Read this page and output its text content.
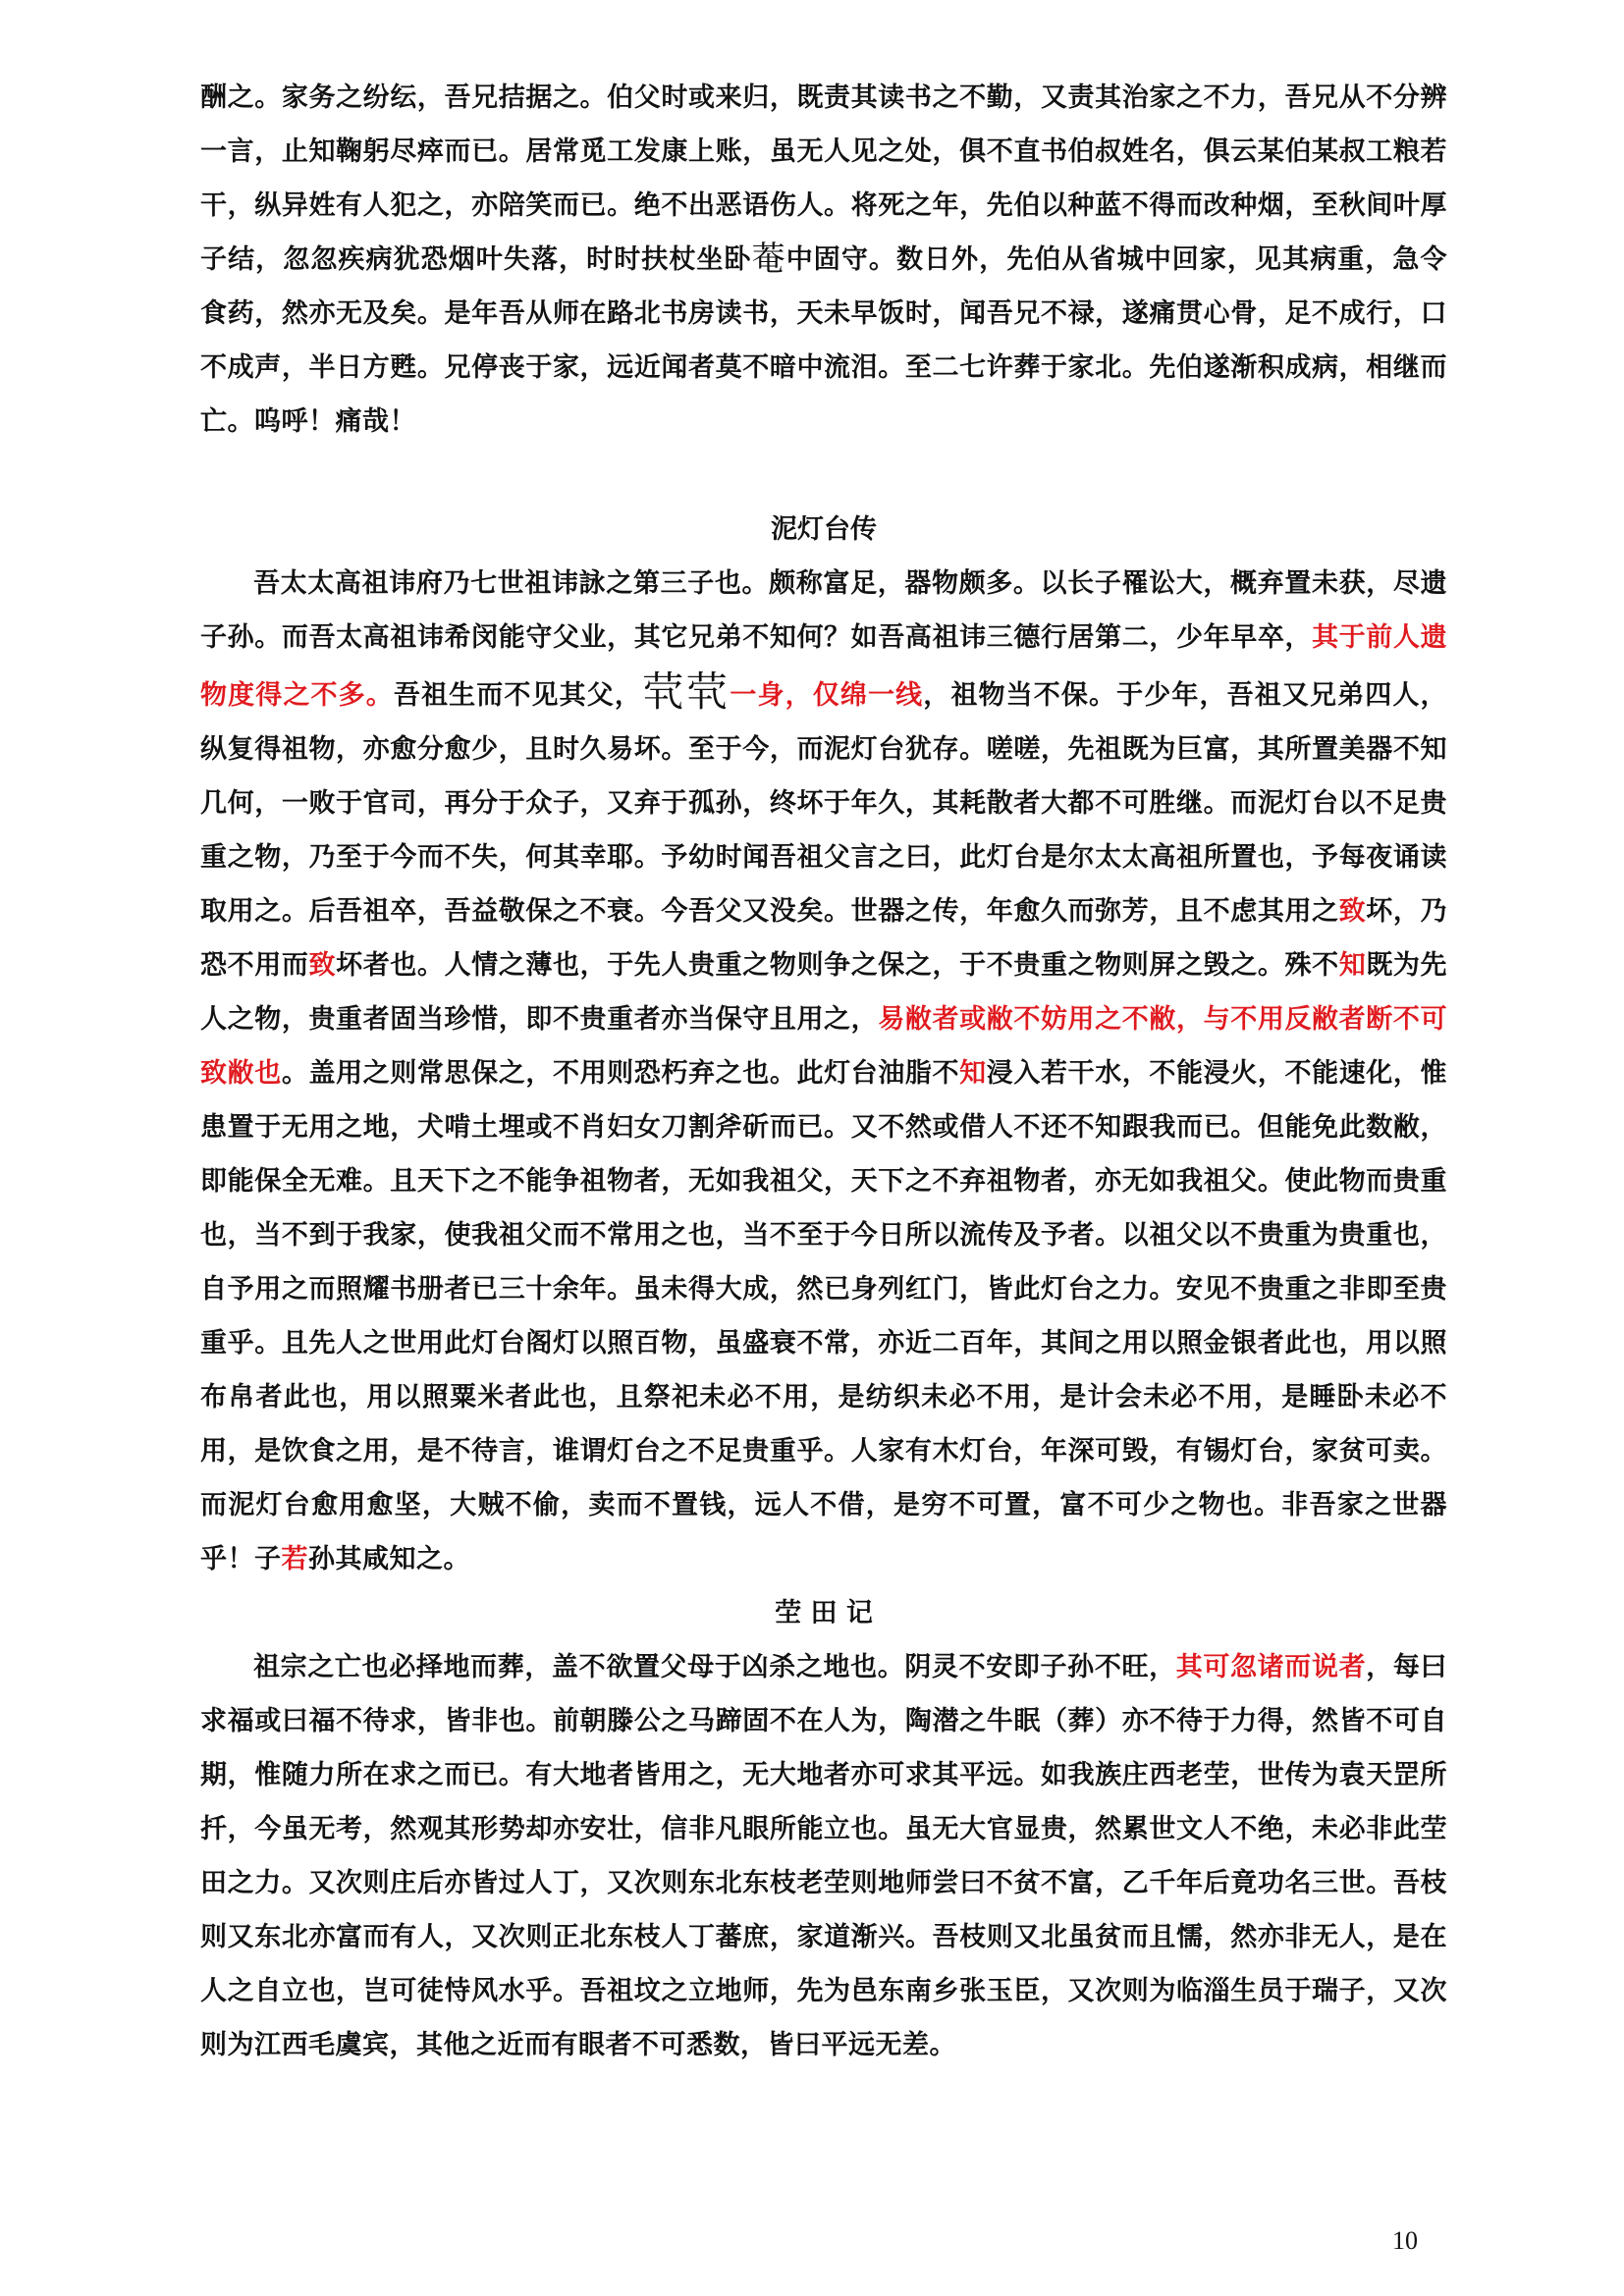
酬之。家务之纷纭，吾兄拮据之。伯父时或来归，既责其读书之不勤，又责其治家之不力，吾兄从不分辨一言，止知鞠躬尽瘁而已。居常觅工发康上账，虽无人见之处，俱不直书伯叔姓名，俱云某伯某叔工粮若干，纵异姓有人犯之，亦陪笑而已。绝不出恶语伤人。将死之年，先伯以种蓝不得而改种烟，至秋间叶厚子结，忽忽疾病犹恐烟叶失落，时时扶杖坐卧菴中固守。数日外，先伯从省城中回家，见其病重，急令食药，然亦无及矣。是年吾从师在路北书房读书，天未早饭时，闻吾兄不禄，遂痛贯心骨，足不成行，口不成声，半日方甦。兄停丧于家，远近闻者莫不暗中流泪。至二七许葬于家北。先伯遂渐积成病，相继而亡。呜呼！痛哉！

泥灯台传

吾太太高祖讳府乃七世祖讳詠之第三子也。颇称富足，器物颇多。以长子罹讼大，概弃置未获，尽遗子孙。而吾太高祖讳希闵能守父业，其它兄弟不知何？如吾高祖讳三德行居第二，少年早卒，其于前人遗物度得之不多。吾祖生而不见其父，茕茕一身，仅绵一线，祖物当不保。于少年，吾祖又兄弟四人，纵复得祖物，亦愈分愈少，且时久易坏。至于今，而泥灯台犹存。嗟嗟，先祖既为巨富，其所置美器不知几何，一败于官司，再分于众子，又弃于孤孙，终坏于年久，其耗散者大都不可胜继。而泥灯台以不足贵重之物，乃至于今而不失，何其幸耶。予幼时闻吾祖父言之曰，此灯台是尔太太高祖所置也，予每夜诵读取用之。后吾祖卒，吾益敬保之不衰。今吾父又没矣。世器之传，年愈久而弥芳，且不虑其用之致坏，乃恐不用而致坏者也。人情之薄也，于先人贵重之物则争之保之，于不贵重之物则屏之毁之。殊不知既为先人之物，贵重者固当珍惜，即不贵重者亦当保守且用之，易敝者或敝不妨用之不敝，与不用反敝者断不可致敝也。盖用之则常思保之，不用则恐朽弃之也。此灯台油脂不知浸入若干水，不能浸火，不能速化，惟患置于无用之地，犬啃土埋或不肖妇女刀割斧斫而已。又不然或借人不还不知跟我而已。但能免此数敝，即能保全无难。且天下之不能争祖物者，无如我祖父，天下之不弃祖物者，亦无如我祖父。使此物而贵重也，当不到于我家，使我祖父而不常用之也，当不至于今日所以流传及予者。以祖父以不贵重为贵重也，自予用之而照耀书册者已三十余年。虽未得大成，然已身列红门，皆此灯台之力。安见不贵重之非即至贵重乎。且先人之世用此灯台阁灯以照百物，虽盛衰不常，亦近二百年，其间之用以照金银者此也，用以照布帛者此也，用以照粟米者此也，且祭祀未必不用，是纺织未必不用，是计会未必不用，是睡卧未必不用，是饮食之用，是不待言，谁谓灯台之不足贵重乎。人家有木灯台，年深可毁，有锡灯台，家贫可卖。而泥灯台愈用愈坚，大贼不偷，卖而不置钱，远人不借，是穷不可置，富不可少之物也。非吾家之世器乎！子若孙其咸知之。

茔 田 记

祖宗之亡也必择地而葬，盖不欲置父母于凶杀之地也。阴灵不安即子孙不旺，其可忽诸而说者，每曰求福或曰福不待求，皆非也。前朝滕公之马蹄固不在人为，陶潜之牛眠（葬）亦不待于力得，然皆不可自期，惟随力所在求之而已。有大地者皆用之，无大地者亦可求其平远。如我族庄西老茔，世传为袁天罡所扦，今虽无考，然观其形势却亦安壮，信非凡眼所能立也。虽无大官显贵，然累世文人不绝，未必非此茔田之力。又次则庄后亦皆过人丁，又次则东北东枝老茔则地师尝曰不贫不富，乙千年后竟功名三世。吾枝则又东北亦富而有人，又次则正北东枝人丁蕃庶，家道渐兴。吾枝则又北虽贫而且懦，然亦非无人，是在人之自立也，岂可徒恃风水乎。吾祖坟之立地师，先为邑东南乡张玉臣，又次则为临淄生员于瑞子，又次则为江西毛虞宾，其他之近而有眼者不可悉数，皆曰平远无差。

10
